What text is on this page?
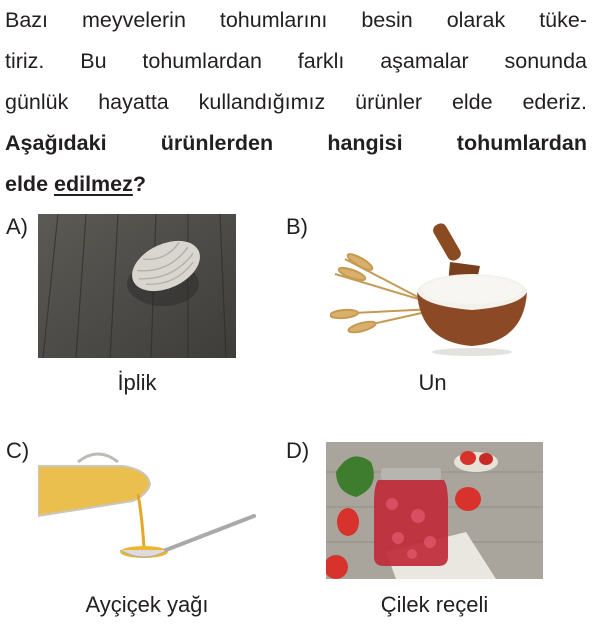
Bazı meyvelerin tohumlarını besin olarak tüke-
tiriz. Bu tohumlardan farklı aşamalar sonunda
günlük hayatta kullandığımız ürünler elde ederiz.
Aşağıdaki ürünlerden hangisi tohumlardan
elde edilmez?
A)
İplik
B)
Un
C)
Ayçiçek yağı
D)
Çilek reçeli
